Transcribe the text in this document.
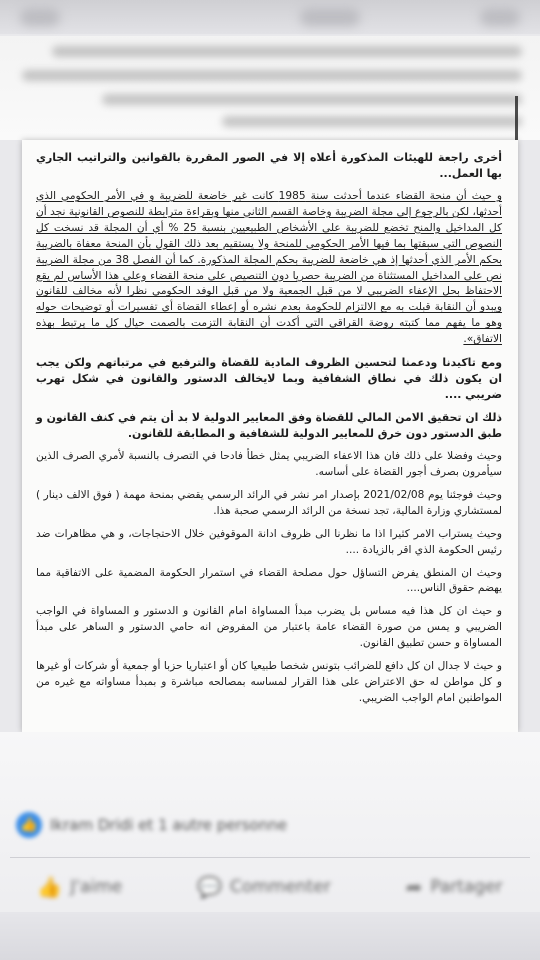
أخرى راجعة للهيئات المذكورة أعلاه إلا في الصور المقررة بالقوانين والتراتيب الجاري بها العمل...

و حيث أن منحة القضاء عندما أحدثت سنة 1985 كانت غير خاضعة للضريبة و في الأمر الحكومي الذي أحدثها، لكن بالرجوع إلى مجلة الضريبة وخاصة القسم الثاني منها وبقراءة مترابطة للنصوص القانونية نجد أن كل المداخيل والمنح تخضع للضريبة على الأشخاص الطبيعيين بنسبة 25 % أي أن المجلة قد نسخت كل النصوص التي سبقتها بما فيها الأمر الحكومي للمنحة ولا يستقيم بعد ذلك القول بأن المنحة معفاة بالضريبة بحكم الأمر الذي أحدثها إذ هي خاضعة للضريبة بحكم المجلة المذكورة. كما أن الفصل 38 من مجلة الضريبة نص على المداخيل المستثناة من الضريبة حصريا دون التنصيص على منحة القضاء وعلى هذا الأساس لم يقع الاحتفاظ بحل الإعفاء الضريبي لا من قبل الجمعية ولا من قبل الوفد الحكومي نظرا لأنه مخالف للقانون ويبدو أن النقابة قبلت به مع الالتزام للحكومة بعدم نشره أو إعطاء القضاة أي تفسيرات أو توضيحات حوله وهو ما يفهم مما كتبته روضة القراقي التي أكدت أن النقابة التزمت بالصمت حيال كل ما يرتبط بهذه الاتفاق».

ومع تاكيدنا ودعمنا لتحسين الظروف المادية للقضاة والترفيع في مرتباتهم ولكن يجب ان يكون ذلك في نطاق الشفافية وبما لايخالف الدستور والقانون في شكل تهرب ضريبي ....

ذلك ان تحقيق الامن المالي للقضاة وفق المعايير الدولية لا بد أن يتم في كنف القانون و طبق الدستور دون خرق للمعايير الدولية للشفافية و المطابقة للقانون.

وحيث وفضلا على ذلك فان هذا الاعفاء الضريبي يمثل خطأ فادحا في التصرف بالنسبة لأمري الصرف الذين سيأمرون بصرف أجور القضاة على أساسه.

وحيث فوجئنا يوم 2021/02/08 بإصدار امر نشر في الرائد الرسمي يقضي بمنحة مهمة ( فوق الالف دينار ) لمستشاري وزارة المالية، تجد نسخة من الرائد الرسمي صحبة هذا.

وحيث يستراب الامر كثيرا اذا ما نظرنا الى ظروف ادانة الموقوفين خلال الاحتجاجات، و هي مظاهرات ضد رئيس الحكومة الذي اقر بالزيادة ....

وحيث ان المنطق يفرض التساؤل حول مصلحة القضاء في استمرار الحكومة المضمية على الاتفاقية مما يهضم حقوق الناس....

و حيث ان كل هذا فيه مساس بل يضرب مبدأ المساواة امام القانون و الدستور و المساواة في الواجب الضريبي و يمس من صورة القضاء عامة باعتبار من المفروض انه حامي الدستور و الساهر على مبدأ المساواة و حسن تطبيق القانون.

و حيث لا جدال ان كل دافع للضرائب بتونس شخصا طبيعيا كان أو اعتباريا حزبا أو جمعية أو شركات أو غيرها و كل مواطن له حق الاعتراض على هذا القرار لمساسه بمصالحه مباشرة و بمبدأ مساواته مع غيره من المواطنين امام الواجب الضريبي.

👍 Ikram Dridi et 1 autre personne
👍 J'aime	💬 Commenter	➦ Partager
